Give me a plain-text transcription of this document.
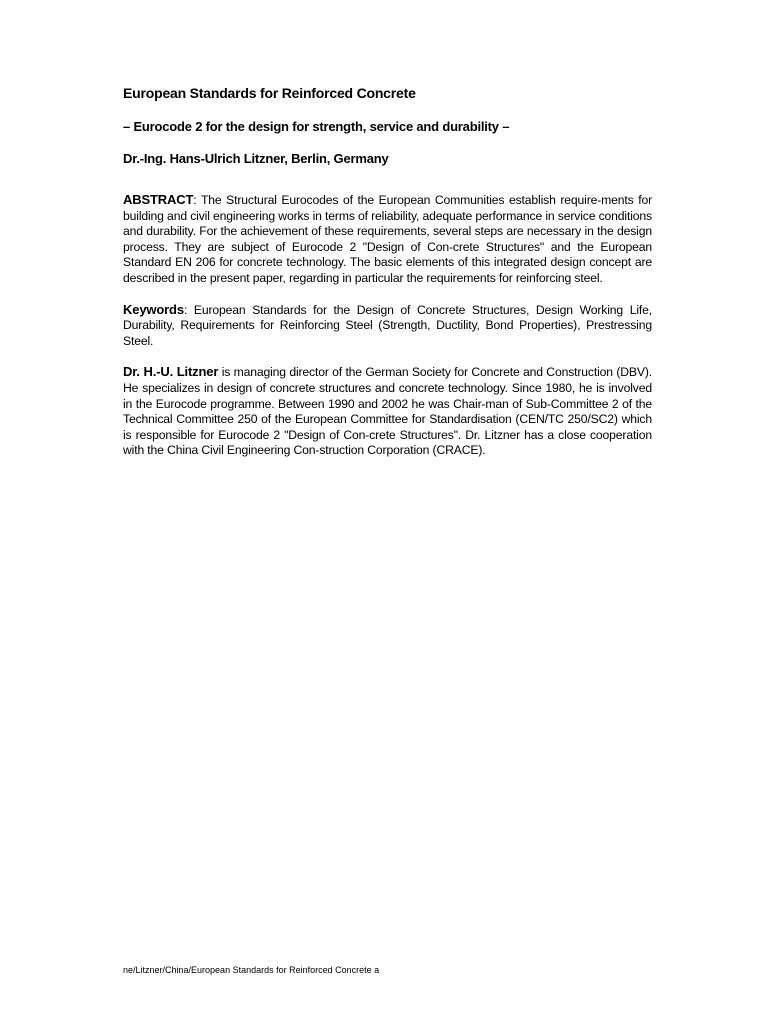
European Standards for Reinforced Concrete

– Eurocode 2 for the design for strength, service and durability –

Dr.-Ing. Hans-Ulrich Litzner, Berlin, Germany

ABSTRACT: The Structural Eurocodes of the European Communities establish require-ments for building and civil engineering works in terms of reliability, adequate performance in service conditions and durability. For the achievement of these requirements, several steps are necessary in the design process. They are subject of Eurocode 2 "Design of Con-crete Structures" and the European Standard EN 206 for concrete technology. The basic elements of this integrated design concept are described in the present paper, regarding in particular the requirements for reinforcing steel.

Keywords: European Standards for the Design of Concrete Structures, Design Working Life, Durability, Requirements for Reinforcing Steel (Strength, Ductility, Bond Properties), Prestressing Steel.

Dr. H.-U. Litzner is managing director of the German Society for Concrete and Construction (DBV). He specializes in design of concrete structures and concrete technology. Since 1980, he is involved in the Eurocode programme. Between 1990 and 2002 he was Chair-man of Sub-Committee 2 of the Technical Committee 250 of the European Committee for Standardisation (CEN/TC 250/SC2) which is responsible for Eurocode 2 "Design of Con-crete Structures". Dr. Litzner has a close cooperation with the China Civil Engineering Con-struction Corporation (CRACE).

ne/Litzner/China/European Standards for Reinforced Concrete a
